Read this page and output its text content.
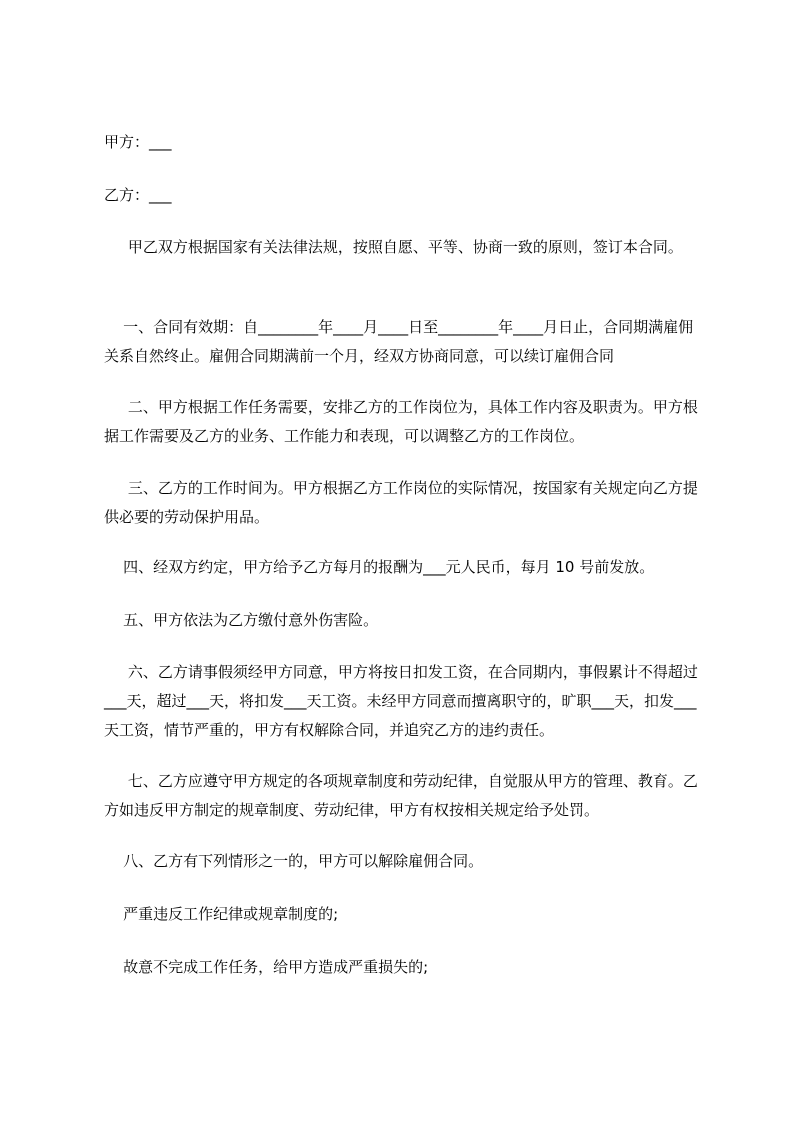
甲方：___

乙方：___

甲乙双方根据国家有关法律法规，按照自愿、平等、协商一致的原则，签订本合同。

一、合同有效期：自________年____月____日至________年____月日止，合同期满雇佣关系自然终止。雇佣合同期满前一个月，经双方协商同意，可以续订雇佣合同

二、甲方根据工作任务需要，安排乙方的工作岗位为，具体工作内容及职责为。甲方根据工作需要及乙方的业务、工作能力和表现，可以调整乙方的工作岗位。

三、乙方的工作时间为。甲方根据乙方工作岗位的实际情况，按国家有关规定向乙方提供必要的劳动保护用品。

四、经双方约定，甲方给予乙方每月的报酬为___元人民币，每月 10 号前发放。

五、甲方依法为乙方缴付意外伤害险。

六、乙方请事假须经甲方同意，甲方将按日扣发工资，在合同期内，事假累计不得超过___天，超过___天，将扣发___天工资。未经甲方同意而擅离职守的，旷职___天，扣发___天工资，情节严重的，甲方有权解除合同，并追究乙方的违约责任。

七、乙方应遵守甲方规定的各项规章制度和劳动纪律，自觉服从甲方的管理、教育。乙方如违反甲方制定的规章制度、劳动纪律，甲方有权按相关规定给予处罚。

八、乙方有下列情形之一的，甲方可以解除雇佣合同。

严重违反工作纪律或规章制度的;

故意不完成工作任务，给甲方造成严重损失的;
